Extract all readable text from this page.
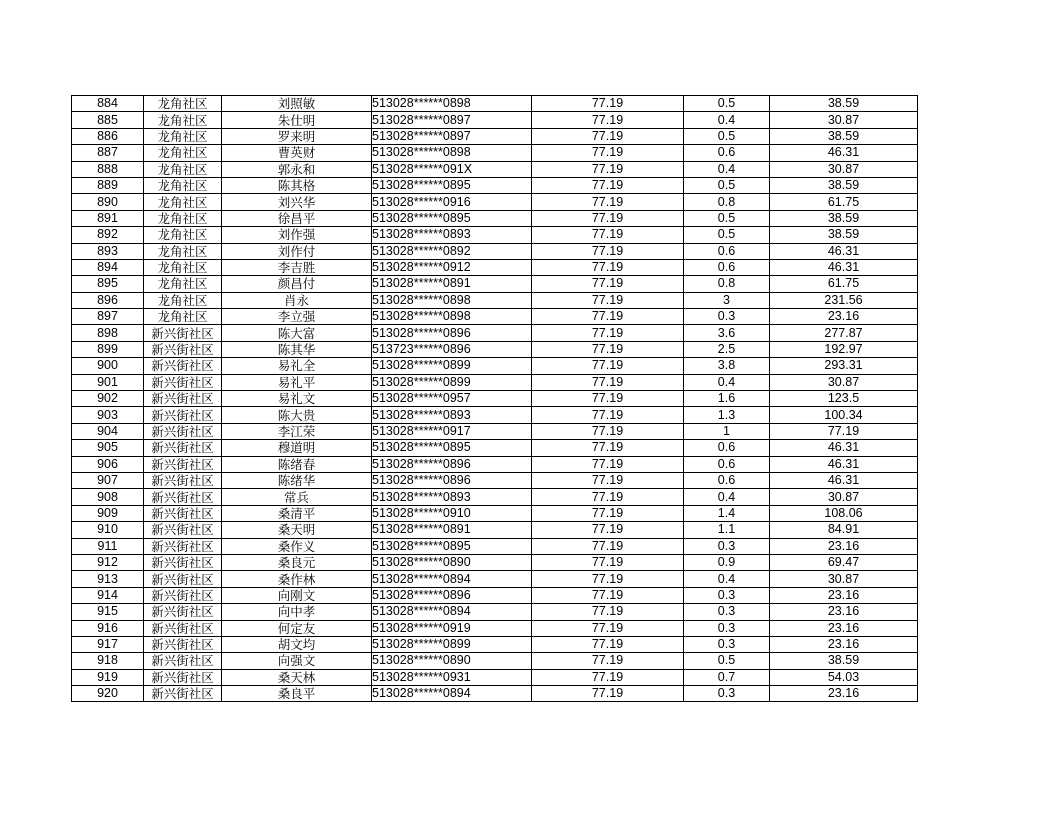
884	龙角社区	刘照敏	513028******0898	77.19	0.5	38.59
885	龙角社区	朱仕明	513028******0897	77.19	0.4	30.87
886	龙角社区	罗来明	513028******0897	77.19	0.5	38.59
887	龙角社区	曹英财	513028******0898	77.19	0.6	46.31
888	龙角社区	郭永和	513028******091X	77.19	0.4	30.87
889	龙角社区	陈其格	513028******0895	77.19	0.5	38.59
890	龙角社区	刘兴华	513028******0916	77.19	0.8	61.75
891	龙角社区	徐昌平	513028******0895	77.19	0.5	38.59
892	龙角社区	刘作强	513028******0893	77.19	0.5	38.59
893	龙角社区	刘作付	513028******0892	77.19	0.6	46.31
894	龙角社区	李吉胜	513028******0912	77.19	0.6	46.31
895	龙角社区	颜昌付	513028******0891	77.19	0.8	61.75
896	龙角社区	肖永	513028******0898	77.19	3	231.56
897	龙角社区	李立强	513028******0898	77.19	0.3	23.16
898	新兴街社区	陈大富	513028******0896	77.19	3.6	277.87
899	新兴街社区	陈其华	513723******0896	77.19	2.5	192.97
900	新兴街社区	易礼全	513028******0899	77.19	3.8	293.31
901	新兴街社区	易礼平	513028******0899	77.19	0.4	30.87
902	新兴街社区	易礼文	513028******0957	77.19	1.6	123.5
903	新兴街社区	陈大贵	513028******0893	77.19	1.3	100.34
904	新兴街社区	李江荣	513028******0917	77.19	1	77.19
905	新兴街社区	穆道明	513028******0895	77.19	0.6	46.31
906	新兴街社区	陈绪春	513028******0896	77.19	0.6	46.31
907	新兴街社区	陈绪华	513028******0896	77.19	0.6	46.31
908	新兴街社区	常兵	513028******0893	77.19	0.4	30.87
909	新兴街社区	桑清平	513028******0910	77.19	1.4	108.06
910	新兴街社区	桑天明	513028******0891	77.19	1.1	84.91
911	新兴街社区	桑作义	513028******0895	77.19	0.3	23.16
912	新兴街社区	桑良元	513028******0890	77.19	0.9	69.47
913	新兴街社区	桑作林	513028******0894	77.19	0.4	30.87
914	新兴街社区	向刚文	513028******0896	77.19	0.3	23.16
915	新兴街社区	向中孝	513028******0894	77.19	0.3	23.16
916	新兴街社区	何定友	513028******0919	77.19	0.3	23.16
917	新兴街社区	胡文均	513028******0899	77.19	0.3	23.16
918	新兴街社区	向强文	513028******0890	77.19	0.5	38.59
919	新兴街社区	桑天林	513028******0931	77.19	0.7	54.03
920	新兴街社区	桑良平	513028******0894	77.19	0.3	23.16
